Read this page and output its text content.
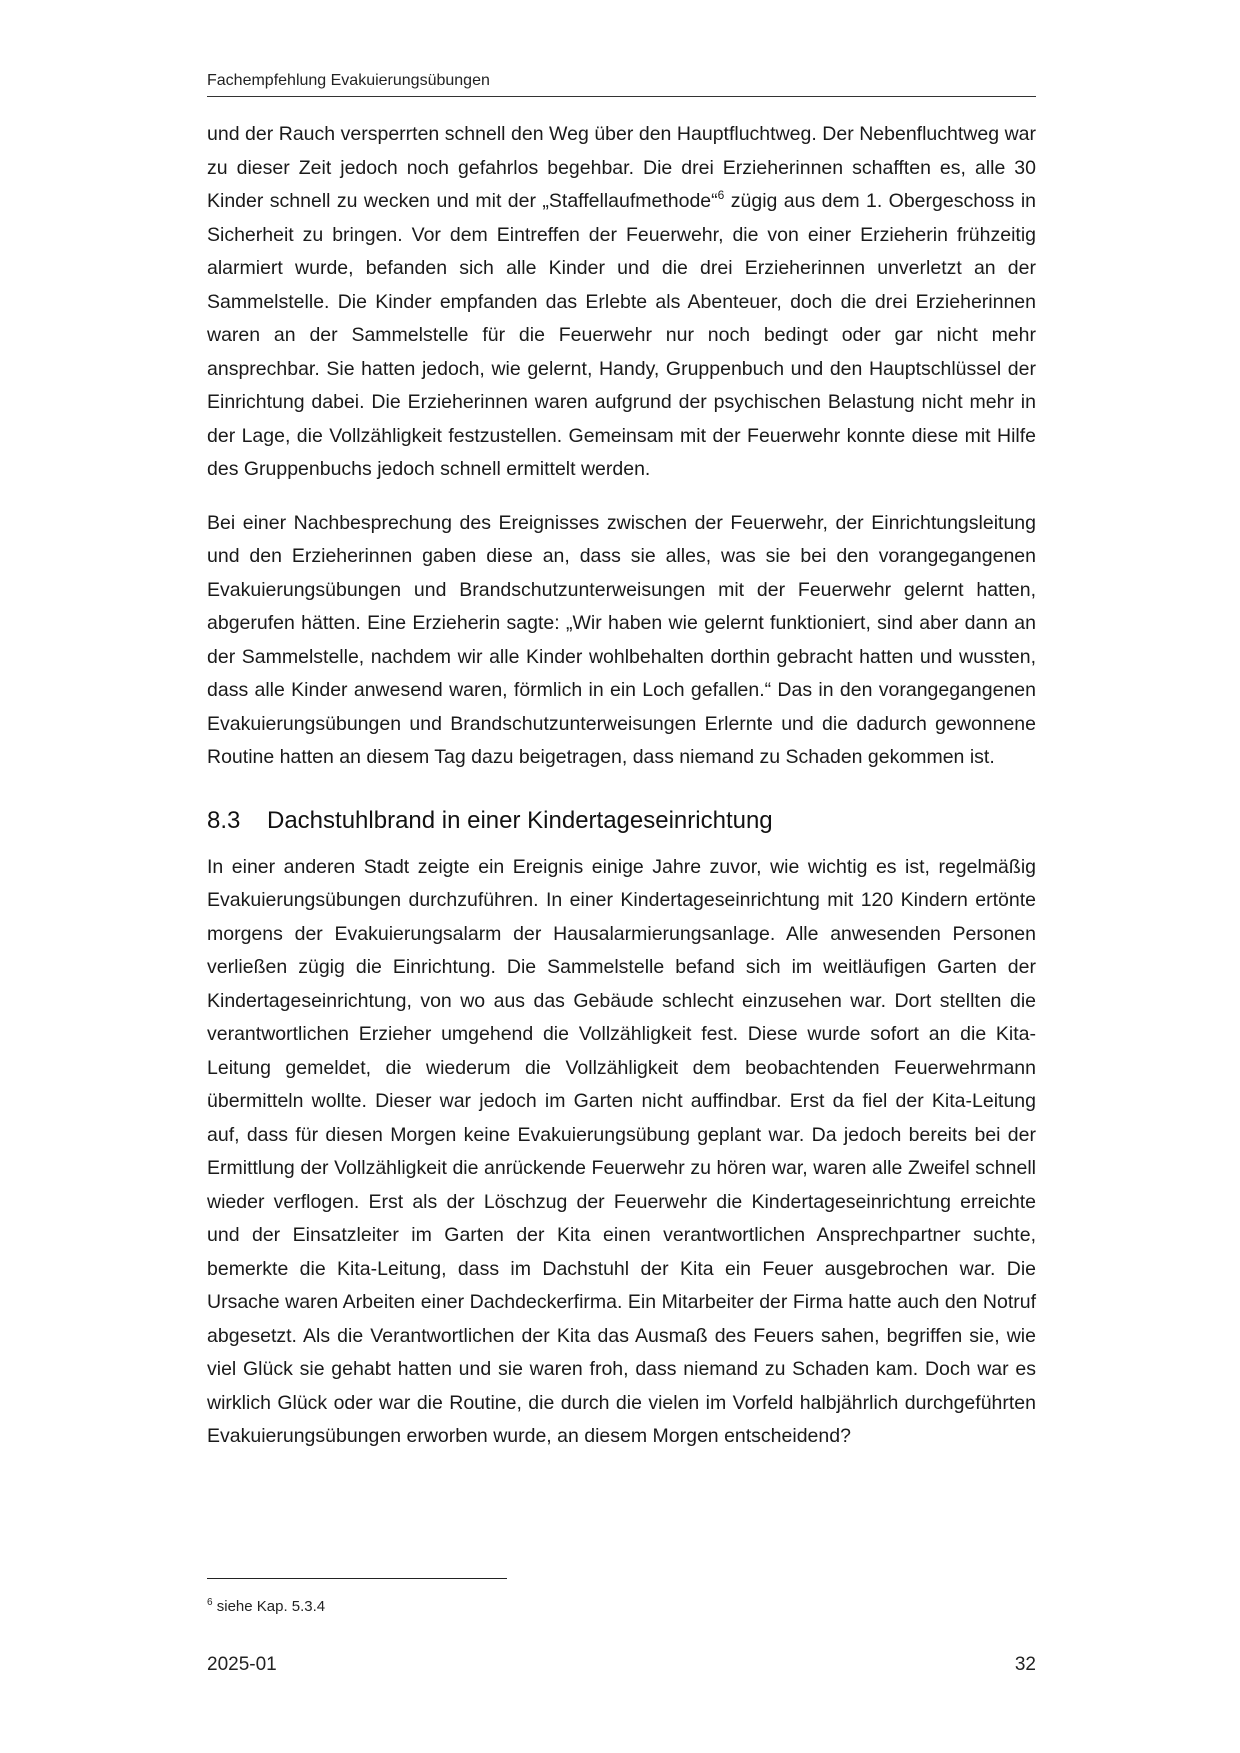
Fachempfehlung Evakuierungsübungen

und der Rauch versperrten schnell den Weg über den Hauptfluchtweg. Der Nebenfluchtweg war zu dieser Zeit jedoch noch gefahrlos begehbar. Die drei Erzieherinnen schafften es, alle 30 Kinder schnell zu wecken und mit der „Staffellaufmethode“$^6$ zügig aus dem 1. Obergeschoss in Sicherheit zu bringen. Vor dem Eintreffen der Feuerwehr, die von einer Erzieherin frühzeitig alarmiert wurde, befanden sich alle Kinder und die drei Erzieherinnen unverletzt an der Sammelstelle. Die Kinder empfanden das Erlebte als Abenteuer, doch die drei Erzieherinnen waren an der Sammelstelle für die Feuerwehr nur noch bedingt oder gar nicht mehr ansprechbar. Sie hatten jedoch, wie gelernt, Handy, Gruppenbuch und den Hauptschlüssel der Einrichtung dabei. Die Erzieherinnen waren aufgrund der psychischen Belastung nicht mehr in der Lage, die Vollzähligkeit festzustellen. Gemeinsam mit der Feuerwehr konnte diese mit Hilfe des Gruppenbuchs jedoch schnell ermittelt werden.

Bei einer Nachbesprechung des Ereignisses zwischen der Feuerwehr, der Einrichtungsleitung und den Erzieherinnen gaben diese an, dass sie alles, was sie bei den vorangegangenen Evakuierungsübungen und Brandschutzunterweisungen mit der Feuerwehr gelernt hatten, abgerufen hätten. Eine Erzieherin sagte: „Wir haben wie gelernt funktioniert, sind aber dann an der Sammelstelle, nachdem wir alle Kinder wohlbehalten dorthin gebracht hatten und wussten, dass alle Kinder anwesend waren, förmlich in ein Loch gefallen.“ Das in den vorangegangenen Evakuierungsübungen und Brandschutzunterweisungen Erlernte und die dadurch gewonnene Routine hatten an diesem Tag dazu beigetragen, dass niemand zu Schaden gekommen ist.

8.3	Dachstuhlbrand in einer Kindertageseinrichtung

In einer anderen Stadt zeigte ein Ereignis einige Jahre zuvor, wie wichtig es ist, regelmäßig Evakuierungsübungen durchzuführen. In einer Kindertageseinrichtung mit 120 Kindern ertönte morgens der Evakuierungsalarm der Hausalarmierungsanlage. Alle anwesenden Personen verließen zügig die Einrichtung. Die Sammelstelle befand sich im weitläufigen Garten der Kindertageseinrichtung, von wo aus das Gebäude schlecht einzusehen war. Dort stellten die verantwortlichen Erzieher umgehend die Vollzähligkeit fest. Diese wurde sofort an die Kita-Leitung gemeldet, die wiederum die Vollzähligkeit dem beobachtenden Feuerwehrmann übermitteln wollte. Dieser war jedoch im Garten nicht auffindbar. Erst da fiel der Kita-Leitung auf, dass für diesen Morgen keine Evakuierungsübung geplant war. Da jedoch bereits bei der Ermittlung der Vollzähligkeit die anrückende Feuerwehr zu hören war, waren alle Zweifel schnell wieder verflogen. Erst als der Löschzug der Feuerwehr die Kindertageseinrichtung erreichte und der Einsatzleiter im Garten der Kita einen verantwortlichen Ansprechpartner suchte, bemerkte die Kita-Leitung, dass im Dachstuhl der Kita ein Feuer ausgebrochen war. Die Ursache waren Arbeiten einer Dachdeckerfirma. Ein Mitarbeiter der Firma hatte auch den Notruf abgesetzt. Als die Verantwortlichen der Kita das Ausmaß des Feuers sahen, begriffen sie, wie viel Glück sie gehabt hatten und sie waren froh, dass niemand zu Schaden kam. Doch war es wirklich Glück oder war die Routine, die durch die vielen im Vorfeld halbjährlich durchgeführten Evakuierungsübungen erworben wurde, an diesem Morgen entscheidend?

$^6$ siehe Kap. 5.3.4
2025-01	32
